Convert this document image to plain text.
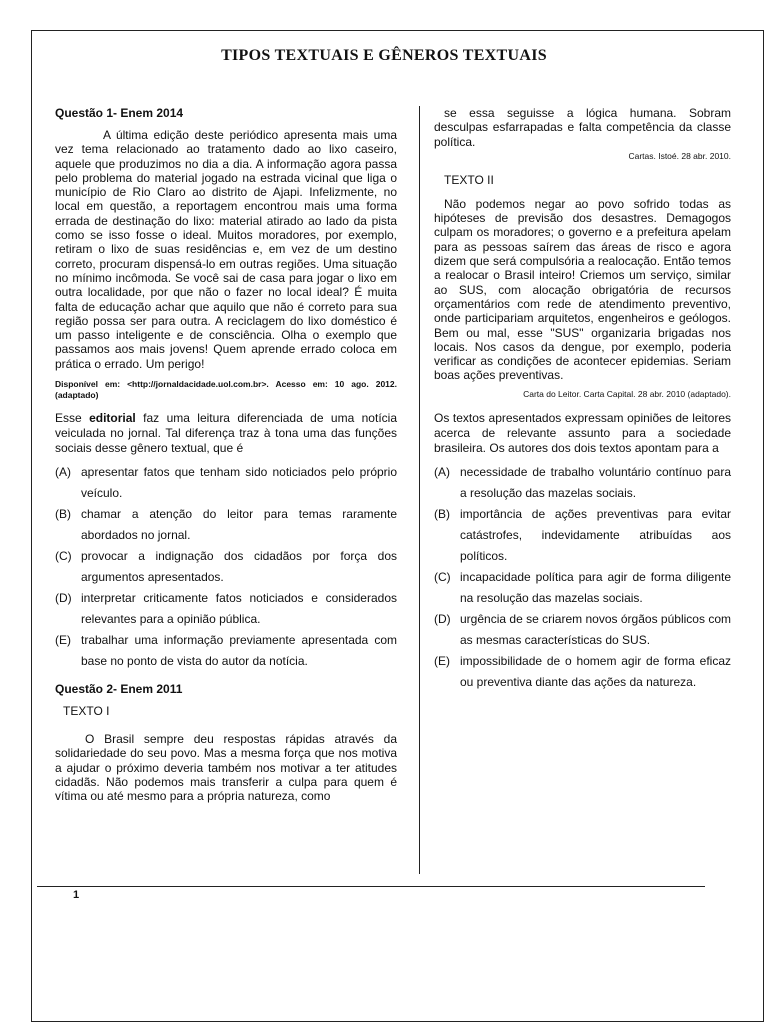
TIPOS TEXTUAIS E GÊNEROS TEXTUAIS

Questão 1- Enem 2014

A última edição deste periódico apresenta mais uma vez tema relacionado ao tratamento dado ao lixo caseiro, aquele que produzimos no dia a dia. A informação agora passa pelo problema do material jogado na estrada vicinal que liga o município de Rio Claro ao distrito de Ajapi. Infelizmente, no local em questão, a reportagem encontrou mais uma forma errada de destinação do lixo: material atirado ao lado da pista como se isso fosse o ideal. Muitos moradores, por exemplo, retiram o lixo de suas residências e, em vez de um destino correto, procuram dispensá-lo em outras regiões. Uma situação no mínimo incômoda. Se você sai de casa para jogar o lixo em outra localidade, por que não o fazer no local ideal? É muita falta de educação achar que aquilo que não é correto para sua região possa ser para outra. A reciclagem do lixo doméstico é um passo inteligente e de consciência. Olha o exemplo que passamos aos mais jovens! Quem aprende errado coloca em prática o errado. Um perigo!

Disponível em: <http://jornaldacidade.uol.com.br>. Acesso em: 10 ago. 2012. (adaptado)

Esse editorial faz uma leitura diferenciada de uma notícia veiculada no jornal. Tal diferença traz à tona uma das funções sociais desse gênero textual, que é

(A) apresentar fatos que tenham sido noticiados pelo próprio veículo.
(B) chamar a atenção do leitor para temas raramente abordados no jornal.
(C) provocar a indignação dos cidadãos por força dos argumentos apresentados.
(D) interpretar criticamente fatos noticiados e considerados relevantes para a opinião pública.
(E) trabalhar uma informação previamente apresentada com base no ponto de vista do autor da notícia.

Questão 2- Enem 2011

TEXTO I

O Brasil sempre deu respostas rápidas através da solidariedade do seu povo. Mas a mesma força que nos motiva a ajudar o próximo deveria também nos motivar a ter atitudes cidadãs. Não podemos mais transferir a culpa para quem é vítima ou até mesmo para a própria natureza, como

se essa seguisse a lógica humana. Sobram desculpas esfarrapadas e falta competência da classe política.

Cartas. Istoé. 28 abr. 2010.

TEXTO II

Não podemos negar ao povo sofrido todas as hipóteses de previsão dos desastres. Demagogos culpam os moradores; o governo e a prefeitura apelam para as pessoas saírem das áreas de risco e agora dizem que será compulsória a realocação. Então temos a realocar o Brasil inteiro! Criemos um serviço, similar ao SUS, com alocação obrigatória de recursos orçamentários com rede de atendimento preventivo, onde participariam arquitetos, engenheiros e geólogos. Bem ou mal, esse "SUS" organizaria brigadas nos locais. Nos casos da dengue, por exemplo, poderia verificar as condições de acontecer epidemias. Seriam boas ações preventivas.

Carta do Leitor. Carta Capital. 28 abr. 2010 (adaptado).

Os textos apresentados expressam opiniões de leitores acerca de relevante assunto para a sociedade brasileira. Os autores dos dois textos apontam para a

(A) necessidade de trabalho voluntário contínuo para a resolução das mazelas sociais.
(B) importância de ações preventivas para evitar catástrofes, indevidamente atribuídas aos políticos.
(C) incapacidade política para agir de forma diligente na resolução das mazelas sociais.
(D) urgência de se criarem novos órgãos públicos com as mesmas características do SUS.
(E) impossibilidade de o homem agir de forma eficaz ou preventiva diante das ações da natureza.
1
